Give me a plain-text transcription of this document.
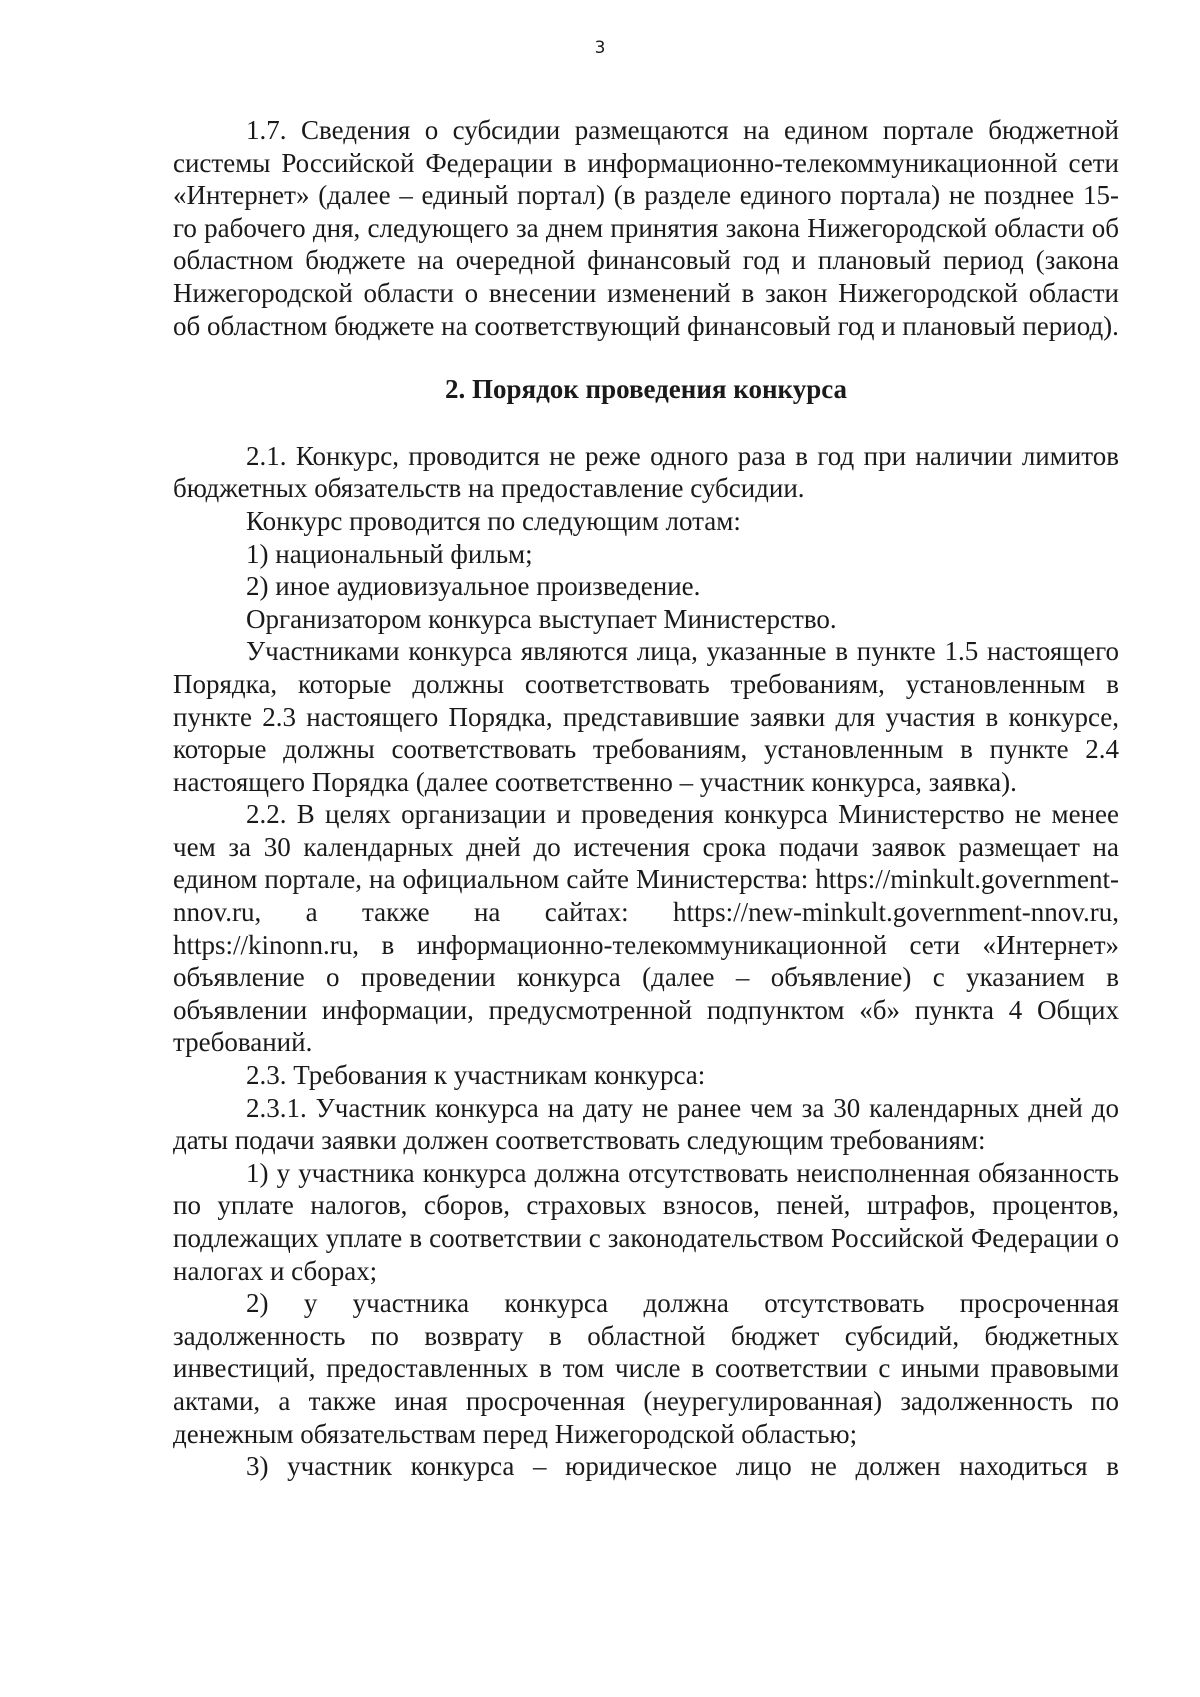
3

1.7. Сведения о субсидии размещаются на едином портале бюджетной системы Российской Федерации в информационно-телекоммуникационной сети «Интернет» (далее – единый портал) (в разделе единого портала) не позднее 15-го рабочего дня, следующего за днем принятия закона Нижегородской области об областном бюджете на очередной финансовый год и плановый период (закона Нижегородской области о внесении изменений в закон Нижегородской области об областном бюджете на соответствующий финансовый год и плановый период).

2. Порядок проведения конкурса

2.1. Конкурс, проводится не реже одного раза в год при наличии лимитов бюджетных обязательств на предоставление субсидии.

Конкурс проводится по следующим лотам:

1) национальный фильм;

2) иное аудиовизуальное произведение.

Организатором конкурса выступает Министерство.

Участниками конкурса являются лица, указанные в пункте 1.5 настоящего Порядка, которые должны соответствовать требованиям, установленным в пункте 2.3 настоящего Порядка, представившие заявки для участия в конкурсе, которые должны соответствовать требованиям, установленным в пункте 2.4 настоящего Порядка (далее соответственно – участник конкурса, заявка).

2.2. В целях организации и проведения конкурса Министерство не менее чем за 30 календарных дней до истечения срока подачи заявок размещает на едином портале, на официальном сайте Министерства: https://minkult.government-nnov.ru, а также на сайтах: https://new-minkult.government-nnov.ru, https://kinonn.ru, в информационно-телекоммуникационной сети «Интернет» объявление о проведении конкурса (далее – объявление) с указанием в объявлении информации, предусмотренной подпунктом «б» пункта 4 Общих требований.

2.3. Требования к участникам конкурса:

2.3.1. Участник конкурса на дату не ранее чем за 30 календарных дней до даты подачи заявки должен соответствовать следующим требованиям:

1) у участника конкурса должна отсутствовать неисполненная обязанность по уплате налогов, сборов, страховых взносов, пеней, штрафов, процентов, подлежащих уплате в соответствии с законодательством Российской Федерации о налогах и сборах;

2) у участника конкурса должна отсутствовать просроченная задолженность по возврату в областной бюджет субсидий, бюджетных инвестиций, предоставленных в том числе в соответствии с иными правовыми актами, а также иная просроченная (неурегулированная) задолженность по денежным обязательствам перед Нижегородской областью;

3) участник конкурса – юридическое лицо не должен находиться в
